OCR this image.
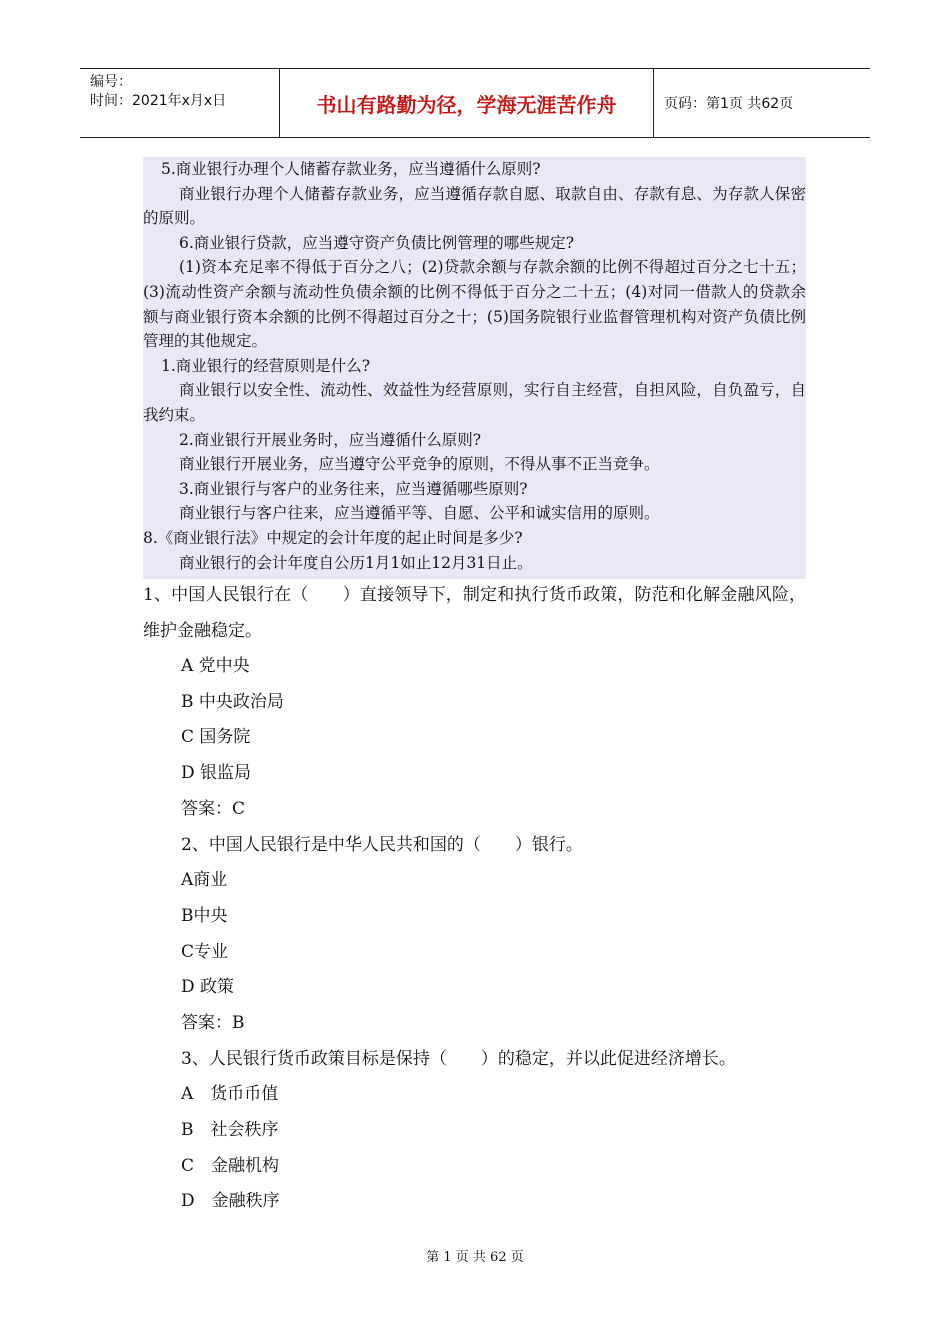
编号：
时间：2021年x月x日	书山有路勤为径，学海无涯苦作舟	页码：第1页 共62页

5.商业银行办理个人储蓄存款业务，应当遵循什么原则?

商业银行办理个人储蓄存款业务，应当遵循存款自愿、取款自由、存款有息、为存款人保密的原则。

6.商业银行贷款，应当遵守资产负债比例管理的哪些规定?

(1)资本充足率不得低于百分之八；(2)贷款余额与存款余额的比例不得超过百分之七十五；(3)流动性资产余额与流动性负债余额的比例不得低于百分之二十五；(4)对同一借款人的贷款余额与商业银行资本余额的比例不得超过百分之十；(5)国务院银行业监督管理机构对资产负债比例管理的其他规定。

1.商业银行的经营原则是什么?

商业银行以安全性、流动性、效益性为经营原则，实行自主经营，自担风险，自负盈亏，自我约束。

2.商业银行开展业务时，应当遵循什么原则?

商业银行开展业务，应当遵守公平竞争的原则，不得从事不正当竞争。

3.商业银行与客户的业务往来，应当遵循哪些原则?

商业银行与客户往来，应当遵循平等、自愿、公平和诚实信用的原则。

8.《商业银行法》中规定的会计年度的起止时间是多少?

商业银行的会计年度自公历1月1如止12月31日止。

1、中国人民银行在（　　）直接领导下，制定和执行货币政策，防范和化解金融风险，维护金融稳定。

A 党中央
B 中央政治局
C 国务院
D 银监局
答案：C
2、中国人民银行是中华人民共和国的（　　）银行。
A商业
B中央
C专业
D 政策
答案：B
3、人民银行货币政策目标是保持（　　）的稳定，并以此促进经济增长。
A　货币币值
B　社会秩序
C　金融机构
D　金融秩序
第 1 页 共 62 页
